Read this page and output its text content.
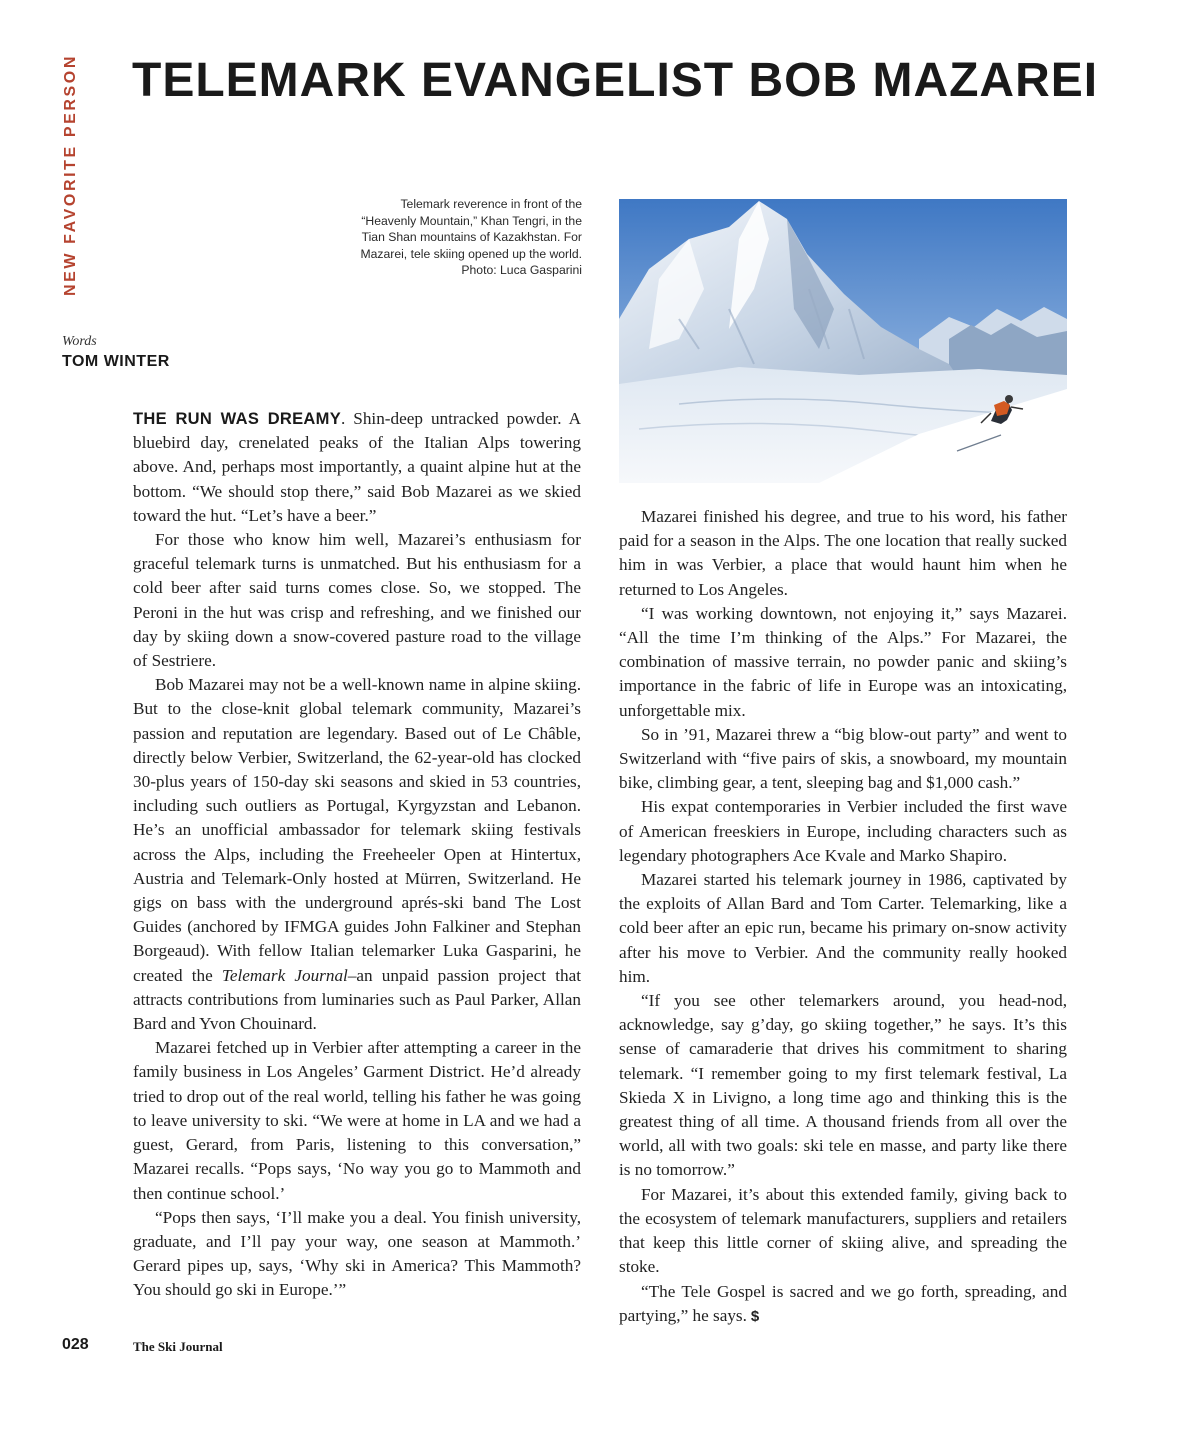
NEW FAVORITE PERSON TELEMARK EVANGELIST BOB MAZAREI
Telemark reverence in front of the “Heavenly Mountain,” Khan Tengri, in the Tian Shan mountains of Kazakhstan. For Mazarei, tele skiing opened up the world. Photo: Luca Gasparini
Words
TOM WINTER

THE RUN WAS DREAMY. Shin-deep untracked powder. A bluebird day, crenelated peaks of the Italian Alps towering above. And, perhaps most importantly, a quaint alpine hut at the bottom. “We should stop there,” said Bob Mazarei as we skied toward the hut. “Let’s have a beer.”

For those who know him well, Mazarei’s enthusiasm for graceful telemark turns is unmatched. But his enthusiasm for a cold beer after said turns comes close. So, we stopped. The Peroni in the hut was crisp and refreshing, and we finished our day by skiing down a snow-covered pasture road to the village of Sestriere.

Bob Mazarei may not be a well-known name in alpine skiing. But to the close-knit global telemark community, Mazarei’s passion and reputation are legendary. Based out of Le Châble, directly below Verbier, Switzerland, the 62-year-old has clocked 30-plus years of 150-day ski seasons and skied in 53 countries, including such outliers as Portugal, Kyrgyzstan and Lebanon. He’s an unofficial ambassador for telemark skiing festivals across the Alps, including the Freeheeler Open at Hintertux, Austria and Telemark-Only hosted at Mürren, Switzerland. He gigs on bass with the underground aprés-ski band The Lost Guides (anchored by IFMGA guides John Falkiner and Stephan Borgeaud). With fellow Italian telemarker Luka Gasparini, he created the Telemark Journal–an unpaid passion project that attracts contributions from luminaries such as Paul Parker, Allan Bard and Yvon Chouinard.

Mazarei fetched up in Verbier after attempting a career in the family business in Los Angeles’ Garment District. He’d already tried to drop out of the real world, telling his father he was going to leave university to ski. “We were at home in LA and we had a guest, Gerard, from Paris, listening to this conversation,” Mazarei recalls. “Pops says, ‘No way you go to Mammoth and then continue school.’

“Pops then says, ‘I’ll make you a deal. You finish university, graduate, and I’ll pay your way, one season at Mammoth.’ Gerard pipes up, says, ‘Why ski in America? This Mammoth? You should go ski in Europe.’”

Mazarei finished his degree, and true to his word, his father paid for a season in the Alps. The one location that really sucked him in was Verbier, a place that would haunt him when he returned to Los Angeles.

“I was working downtown, not enjoying it,” says Mazarei. “All the time I’m thinking of the Alps.” For Mazarei, the combination of massive terrain, no powder panic and skiing’s importance in the fabric of life in Europe was an intoxicating, unforgettable mix.

So in ’91, Mazarei threw a “big blow-out party” and went to Switzerland with “five pairs of skis, a snowboard, my mountain bike, climbing gear, a tent, sleeping bag and $1,000 cash.”

His expat contemporaries in Verbier included the first wave of American freeskiers in Europe, including characters such as legendary photographers Ace Kvale and Marko Shapiro.

Mazarei started his telemark journey in 1986, captivated by the exploits of Allan Bard and Tom Carter. Telemarking, like a cold beer after an epic run, became his primary on-snow activity after his move to Verbier. And the community really hooked him.

“If you see other telemarkers around, you head-nod, acknowledge, say g’day, go skiing together,” he says. It’s this sense of camaraderie that drives his commitment to sharing telemark. “I remember going to my first telemark festival, La Skieda X in Livigno, a long time ago and thinking this is the greatest thing of all time. A thousand friends from all over the world, all with two goals: ski tele en masse, and party like there is no tomorrow.”

For Mazarei, it’s about this extended family, giving back to the ecosystem of telemark manufacturers, suppliers and retailers that keep this little corner of skiing alive, and spreading the stoke.

“The Tele Gospel is sacred and we go forth, spreading, and partying,” he says. $

028	The Ski Journal
